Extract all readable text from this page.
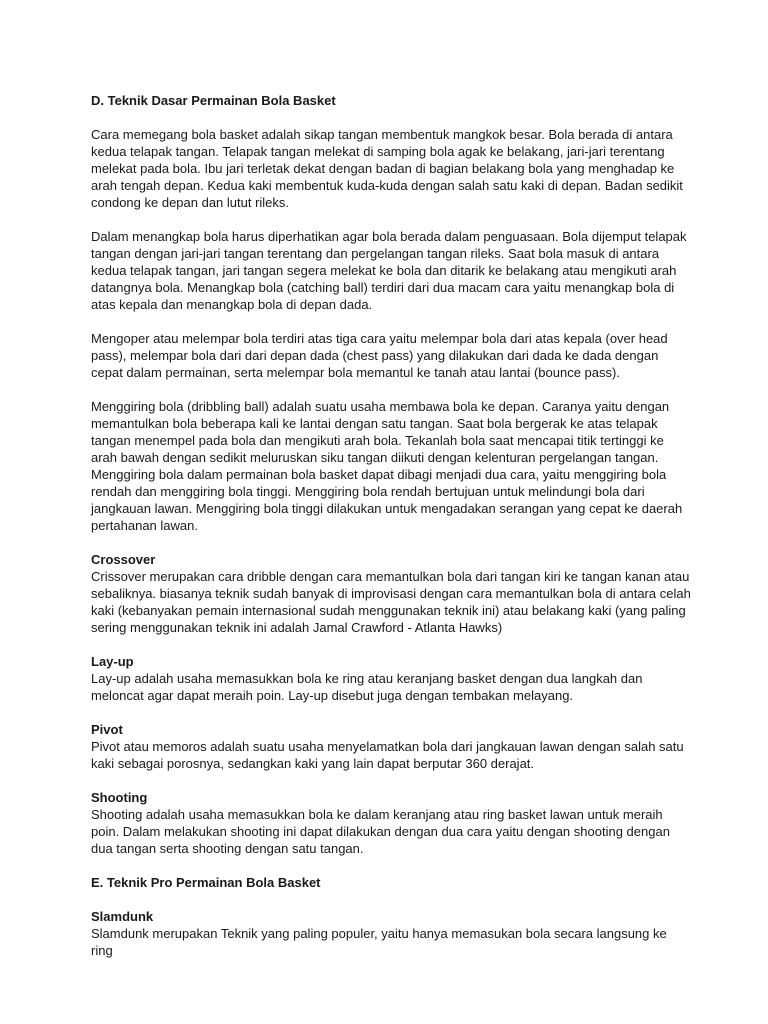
D. Teknik Dasar Permainan Bola Basket

Cara memegang bola basket adalah sikap tangan membentuk mangkok besar. Bola berada di antara kedua telapak tangan. Telapak tangan melekat di samping bola agak ke belakang, jari-jari terentang melekat pada bola. Ibu jari terletak dekat dengan badan di bagian belakang bola yang menghadap ke arah tengah depan. Kedua kaki membentuk kuda-kuda dengan salah satu kaki di depan. Badan sedikit condong ke depan dan lutut rileks.

Dalam menangkap bola harus diperhatikan agar bola berada dalam penguasaan. Bola dijemput telapak tangan dengan jari-jari tangan terentang dan pergelangan tangan rileks. Saat bola masuk di antara kedua telapak tangan, jari tangan segera melekat ke bola dan ditarik ke belakang atau mengikuti arah datangnya bola. Menangkap bola (catching ball) terdiri dari dua macam cara yaitu menangkap bola di atas kepala dan menangkap bola di depan dada.

Mengoper atau melempar bola terdiri atas tiga cara yaitu melempar bola dari atas kepala (over head pass), melempar bola dari dari depan dada (chest pass) yang dilakukan dari dada ke dada dengan cepat dalam permainan, serta melempar bola memantul ke tanah atau lantai (bounce pass).

Menggiring bola (dribbling ball) adalah suatu usaha membawa bola ke depan. Caranya yaitu dengan memantulkan bola beberapa kali ke lantai dengan satu tangan. Saat bola bergerak ke atas telapak tangan menempel pada bola dan mengikuti arah bola. Tekanlah bola saat mencapai titik tertinggi ke arah bawah dengan sedikit meluruskan siku tangan diikuti dengan kelenturan pergelangan tangan. Menggiring bola dalam permainan bola basket dapat dibagi menjadi dua cara, yaitu menggiring bola rendah dan menggiring bola tinggi. Menggiring bola rendah bertujuan untuk melindungi bola dari jangkauan lawan. Menggiring bola tinggi dilakukan untuk mengadakan serangan yang cepat ke daerah pertahanan lawan.

Crossover

Crissover merupakan cara dribble dengan cara memantulkan bola dari tangan kiri ke tangan kanan atau sebaliknya. biasanya teknik sudah banyak di improvisasi dengan cara memantulkan bola di antara celah kaki (kebanyakan pemain internasional sudah menggunakan teknik ini) atau belakang kaki (yang paling sering menggunakan teknik ini adalah Jamal Crawford - Atlanta Hawks)

Lay-up

Lay-up adalah usaha memasukkan bola ke ring atau keranjang basket dengan dua langkah dan meloncat agar dapat meraih poin. Lay-up disebut juga dengan tembakan melayang.

Pivot

Pivot atau memoros adalah suatu usaha menyelamatkan bola dari jangkauan lawan dengan salah satu kaki sebagai porosnya, sedangkan kaki yang lain dapat berputar 360 derajat.

Shooting

Shooting adalah usaha memasukkan bola ke dalam keranjang atau ring basket lawan untuk meraih poin. Dalam melakukan shooting ini dapat dilakukan dengan dua cara yaitu dengan shooting dengan dua tangan serta shooting dengan satu tangan.

E. Teknik Pro Permainan Bola Basket

Slamdunk

Slamdunk merupakan Teknik yang paling populer, yaitu hanya memasukan bola secara langsung ke ring
